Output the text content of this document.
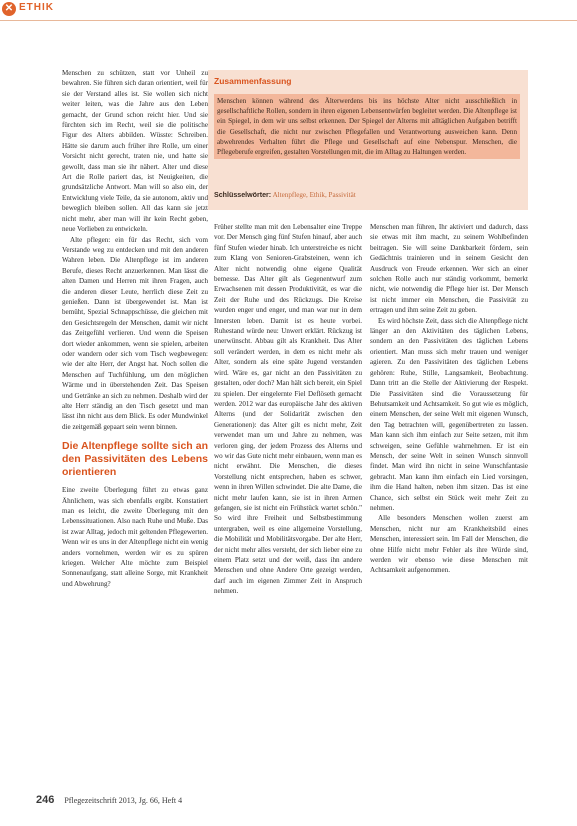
✕ ETHIK

Menschen zu schützen, statt vor Unheil zu bewahren. Sie führen sich daran orientiert, weil für sie der Verstand alles ist. Sie wollen sich nicht weiter leiten, was die Jahre aus den Leben gemacht, der Grund schon reicht hier. Und sie fürchten sich im Recht, weil sie die politische Figur des Alters abbilden. Wüsste: Schreiben. Hätte sie darum auch früher ihre Rolle, um einer Vorsicht nicht gerecht, traten nie, und hatte sie gewollt, dass man sie ihr nähert. Alter und diese Art die Rolle pariert das, ist Neuigkeiten, die grundsätzliche Antwort. Man will so also ein, der Entwicklung viele Teile, da sie autonom, aktiv und beweglich bleiben sollen. All das kann sie jetzt nicht mehr, aber man will ihr kein Recht geben, neue Vorlieben zu entwickeln.

Alte pflegen: ein für das Recht, sich vom Verstande weg zu entdecken und mit den anderen Wahren leben. Die Altenpflege ist im anderen Berufe, dieses Recht anzuerkennen. Man lässt die alten Damen und Herren mit ihren Fragen, auch die anderen dieser Leute, herrlich diese Zeit zu genießen. Dann ist übergewendet ist. Man ist bemüht, Spezial Schnappschüsse, die gleichen mit den Gesichtsregeln der Menschen, damit wir nicht das Zeitgefühl verlieren. Und wenn die Speisen dort wieder ankommen, wenn sie spielen, arbeiten oder wandern oder sich vom Tisch wegbewegen: wie der alte Herr, der Angst hat. Noch sollen die Menschen auf Tuchfühlung, um den möglichen Wärme und in überstehenden Zeit. Das Speisen und Getränke an sich zu nehmen. Deshalb wird der alte Herr ständig an den Tisch gesetzt und man lässt ihn nicht aus dem Blick. Es oder Mundwinkel die zeitgemäß gepaart sein wenn binnen.

Die Altenpflege sollte sich an den Passivitäten des Lebens orientieren

Eine zweite Überlegung führt zu etwas ganz Ähnlichem, was sich ebenfalls ergibt. Konstatiert man es leicht, die zweite Überlegung mit den Lebenssituationen. Also nach Ruhe und Muße. Das ist zwar Alltag, jedoch mit geltenden Pflegewerten. Wenn wir es uns in der Altenpflege nicht ein wenig anders vornehmen, werden wir es zu spüren kriegen. Welcher Alte möchte zum Beispiel Sonnenaufgang, statt alleine Sorge, mit Krankheit und Abwehrung?

Zusammenfassung
Menschen können während des Älterwerdens bis ins höchste Alter nicht ausschließlich in gesellschaftliche Rollen, sondern in ihren eigenen Lebensentwürfen begleitet werden. Die Altenpflege ist ein Spiegel, in dem wir uns selbst erkennen. Der Spiegel der Alterns mit alltäglichen Aufgaben betrifft die Gesellschaft, die nicht nur zwischen Pflegefallen und Verantwortung ausweichen kann. Denn abwehrendes Verhalten führt die Pflege und Gesellschaft auf eine Nebenspur. Menschen, die Pflegeberufe ergreifen, gestalten Vorstellungen mit, die im Alltag zu Haltungen werden.
Schlüsselwörter: Altenpflege, Ethik, Passivität

Früher stellte man mit den Lebensalter eine Treppe vor. Der Mensch ging fünf Stufen hinauf, aber auch fünf Stufen wieder hinab. Ich unterstreiche es nicht zum Klang von Senioren-Grabsteinen, wenn ich Alter nicht notwendig ohne eigene Qualität bemesse. Das Alter gilt als Gegenentwurf zum Erwachsenen mit dessen Produktivität, es war die Zeit der Ruhe und des Rückzugs. Die Kreise wurden enger und enger, und man war nur in dem Innersten leben. Damit ist es heute vorbei. Ruhestand würde neu: Unwert erklärt. Rückzug ist unerwünscht. Abbau gilt als Krankheit. Das Alter soll verändert werden, in dem es nicht mehr als Alter, sondern als eine späte Jugend verstanden wird. Wäre es, gar nicht an den Passivitäten zu gestalten, oder doch? Man hält sich bereit, ein Spiel zu spielen. Der eingelernte Fiel Deflöseth gemacht werden. 2012 war das europäische Jahr des aktiven Alterns (und der Solidarität zwischen den Generationen): das Alter gilt es nicht mehr, Zeit verwendet man um und Jahre zu nehmen, was verloren ging, der jedem Prozess des Alterns und wo wir das Gute nicht mehr einbauen, wenn man es nicht erwähnt. Die Menschen, die dieses Vorstellung nicht entsprechen, haben es schwer, wenn in ihren Willen schwindet. Die alte Dame, die nicht mehr laufen kann, sie ist in ihren Armen gefangen, sie ist nicht ein Frühstück wartet schön." So wird ihre Freiheit und Selbstbestimmung untergraben, weil es eine allgemeine Vorstellung, die Mobilität und Mobilitätsvorgabe. Der alte Herr, der nicht mehr alles versteht, der sich lieber eine zu einem Platz setzt und der weiß, dass ihn andere Menschen und ohne Andere Orte gezeigt werden, darf auch im eigenen Zimmer Zeit in Anspruch nehmen.

Menschen man führen, Ihr aktiviert und dadurch, dass sie etwas mit ihm macht, zu seinem Wohlbefinden beitragen. Sie will seine Dankbarkeit fördern, sein Gedächtnis trainieren und in seinem Gesicht den Ausdruck von Freude erkennen. Wer sich an einer solchen Rolle auch nur ständig vorkommt, bemerkt nicht, wie notwendig die Pflege hier ist. Der Mensch ist nicht immer ein Menschen, die Passivität zu ertragen und ihm seine Zeit zu geben.

Es wird höchste Zeit, dass sich die Altenpflege nicht länger an den Aktivitäten des täglichen Lebens, sondern an den Passivitäten des täglichen Lebens orientiert. Man muss sich mehr trauen und weniger agieren. Zu den Passivitäten des täglichen Lebens gehören: Ruhe, Stille, Langsamkeit, Beobachtung. Dann tritt an die Stelle der Aktivierung der Respekt. Die Passivitäten sind die Voraussetzung für Behutsamkeit und Achtsamkeit. So gut wie es möglich, einem Menschen, der seine Welt mit eigenen Wunsch, den Tag betrachten will, gegenübertreten zu lassen. Man kann sich ihm einfach zur Seite setzen, mit ihm schweigen, seine Gefühle wahrnehmen. Er ist ein Mensch, der seine Welt in seinen Wunsch sinnvoll findet. Man wird ihn nicht in seine Wunschfantasie gebracht. Man kann ihm einfach ein Lied vorsingen, ihm die Hand halten, neben ihm sitzen. Das ist eine Chance, sich selbst ein Stück weit mehr Zeit zu nehmen.

Alle besonders Menschen wollen zuerst am Menschen, nicht nur am Krankheitsbild eines Menschen, interessiert sein. Im Fall der Menschen, die ohne Hilfe nicht mehr Fehler als ihre Würde sind, werden wir ebenso wie diese Menschen mit Achtsamkeit aufgenommen.

246 Pflegezeitschrift 2013, Jg. 66, Heft 4
